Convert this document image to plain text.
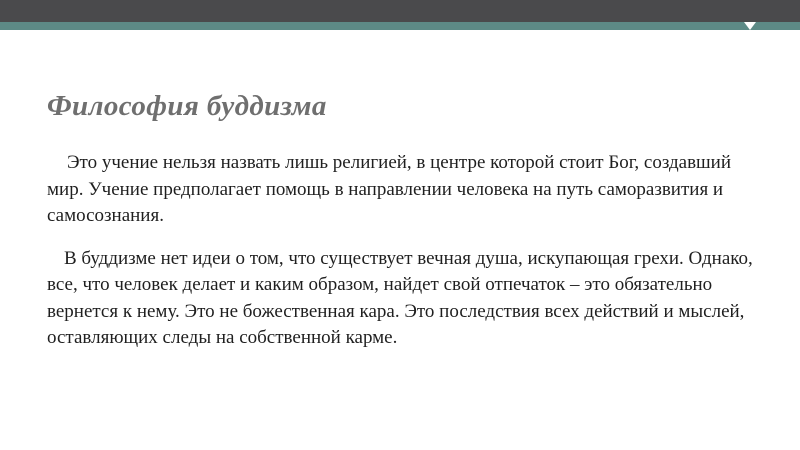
Философия буддизма

Это учение нельзя назвать лишь религией, в центре которой стоит Бог, создавший мир. Учение предполагает помощь в направлении человека на путь саморазвития и самосознания.

В буддизме нет идеи о том, что существует вечная душа, искупающая грехи. Однако, все, что человек делает и каким образом, найдет свой отпечаток – это обязательно вернется к нему. Это не божественная кара. Это последствия всех действий и мыслей, оставляющих следы на собственной карме.
